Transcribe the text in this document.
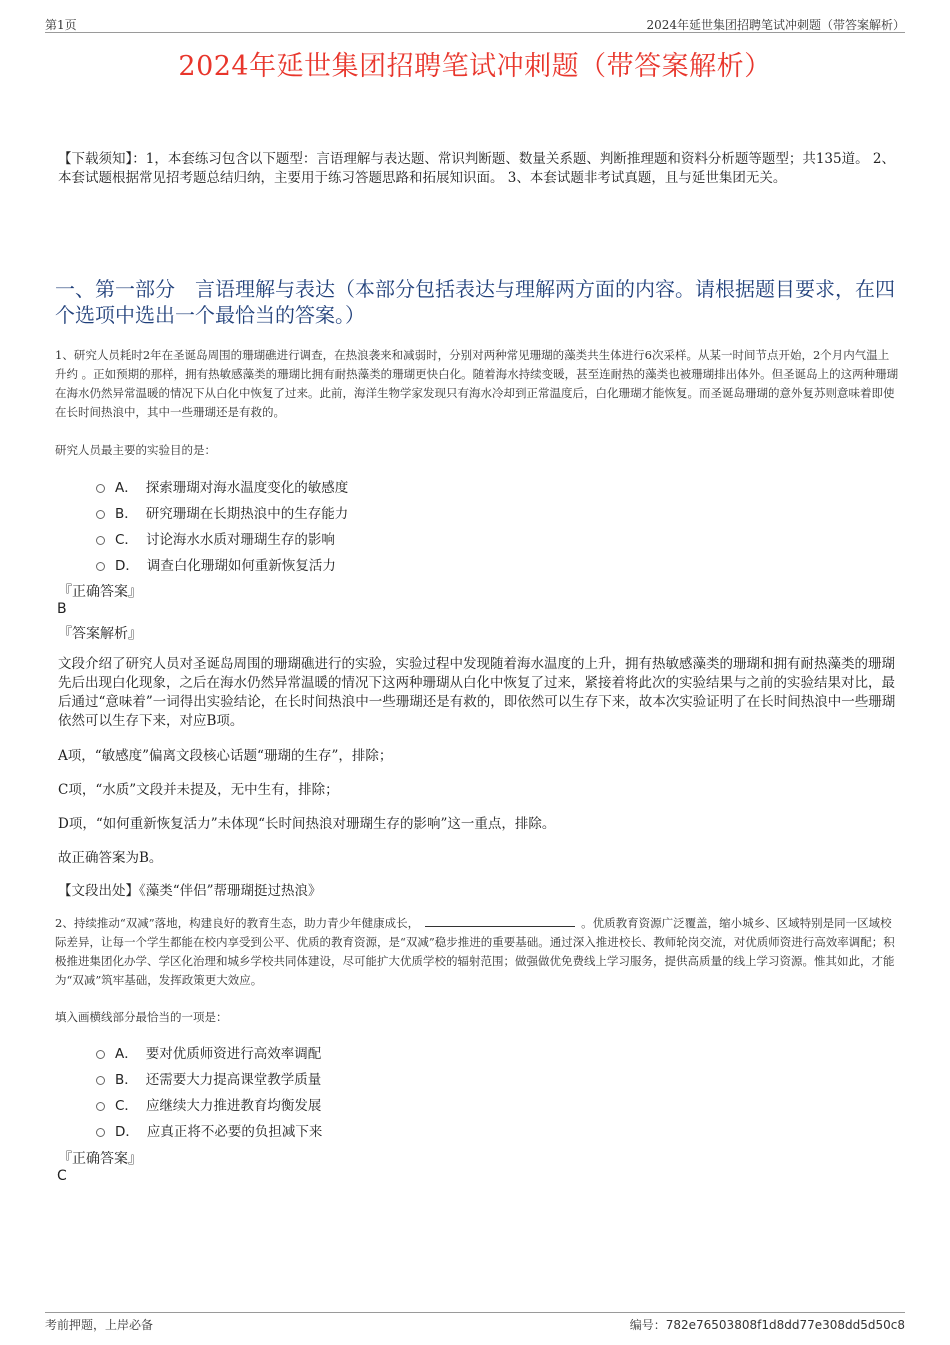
第1页	2024年延世集团招聘笔试冲刺题（带答案解析）
2024年延世集团招聘笔试冲刺题（带答案解析）
【下载须知】：1，本套练习包含以下题型：言语理解与表达题、常识判断题、数量关系题、判断推理题和资料分析题等题型；共135道。 2、本套试题根据常见招考题总结归纳，主要用于练习答题思路和拓展知识面。 3、本套试题非考试真题，且与延世集团无关。
一、第一部分　言语理解与表达（本部分包括表达与理解两方面的内容。请根据题目要求，在四个选项中选出一个最恰当的答案。）
1、研究人员耗时2年在圣诞岛周围的珊瑚礁进行调查，在热浪袭来和减弱时，分别对两种常见珊瑚的藻类共生体进行6次采样。从某一时间节点开始，2个月内气温上升约 。正如预期的那样，拥有热敏感藻类的珊瑚比拥有耐热藻类的珊瑚更快白化。随着海水持续变暖，甚至连耐热的藻类也被珊瑚排出体外。但圣诞岛上的这两种珊瑚在海水仍然异常温暖的情况下从白化中恢复了过来。此前，海洋生物学家发现只有海水冷却到正常温度后，白化珊瑚才能恢复。而圣诞岛珊瑚的意外复苏则意味着即使在长时间热浪中，其中一些珊瑚还是有救的。
研究人员最主要的实验目的是：
A． 探索珊瑚对海水温度变化的敏感度
B． 研究珊瑚在长期热浪中的生存能力
C． 讨论海水水质对珊瑚生存的影响
D． 调查白化珊瑚如何重新恢复活力
『正确答案』
B
『答案解析』
文段介绍了研究人员对圣诞岛周围的珊瑚礁进行的实验，实验过程中发现随着海水温度的上升，拥有热敏感藻类的珊瑚和拥有耐热藻类的珊瑚先后出现白化现象，之后在海水仍然异常温暖的情况下这两种珊瑚从白化中恢复了过来，紧接着将此次的实验结果与之前的实验结果对比，最后通过“意味着”一词得出实验结论，在长时间热浪中一些珊瑚还是有救的，即依然可以生存下来，故本次实验证明了在长时间热浪中一些珊瑚依然可以生存下来，对应B项。
A项，“敏感度”偏离文段核心话题“珊瑚的生存”，排除；
C项，“水质”文段并未提及，无中生有，排除；
D项，“如何重新恢复活力”未体现“长时间热浪对珊瑚生存的影响”这一重点，排除。
故正确答案为B。
【文段出处】《藻类“伴侣”帮珊瑚挺过热浪》
2、持续推动“双减”落地，构建良好的教育生态，助力青少年健康成长，	。优质教育资源广泛覆盖，缩小城乡、区域特别是同一区域校际差异，让每一个学生都能在校内享受到公平、优质的教育资源，是“双减”稳步推进的重要基础。通过深入推进校长、教师轮岗交流，对优质师资进行高效率调配；积极推进集团化办学、学区化治理和城乡学校共同体建设，尽可能扩大优质学校的辐射范围；做强做优免费线上学习服务，提供高质量的线上学习资源。惟其如此，才能为“双减”筑牢基础，发挥政策更大效应。
填入画横线部分最恰当的一项是：
A． 要对优质师资进行高效率调配
B． 还需要大力提高课堂教学质量
C． 应继续大力推进教育均衡发展
D． 应真正将不必要的负担减下来
『正确答案』
C
考前押题，上岸必备	编号：782e76503808f1d8dd77e308dd5d50c8
